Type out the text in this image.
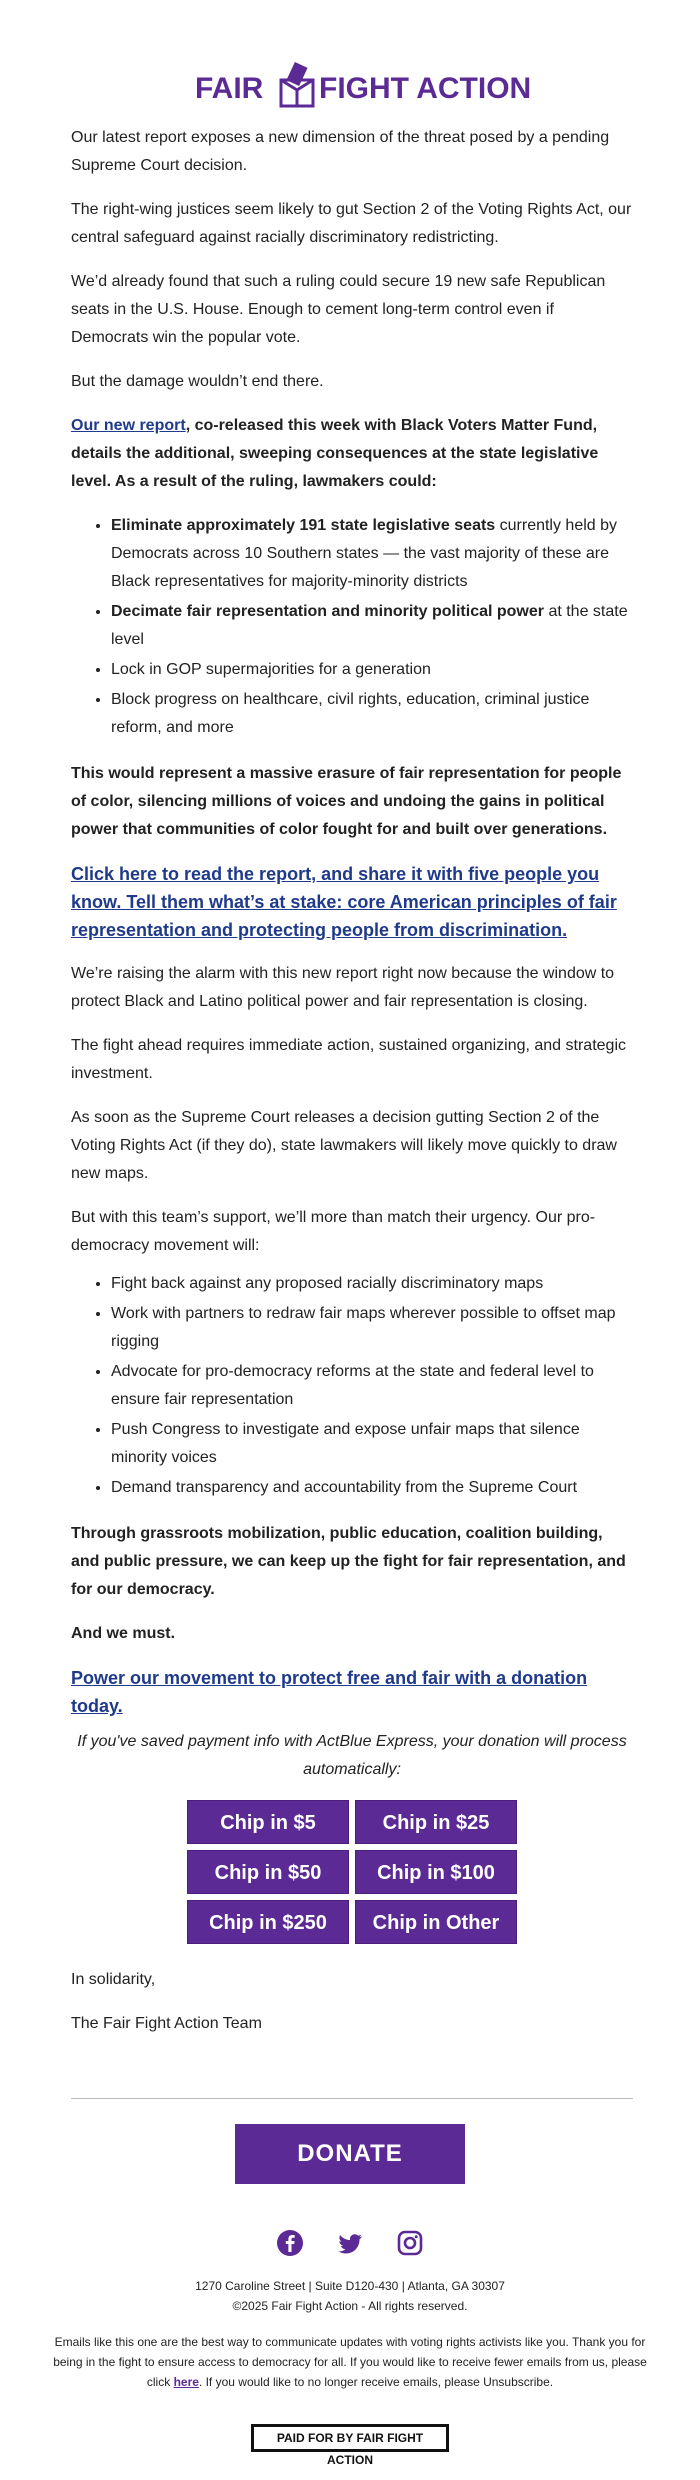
FAIR FIGHT ACTION

Our latest report exposes a new dimension of the threat posed by a pending Supreme Court decision.

The right-wing justices seem likely to gut Section 2 of the Voting Rights Act, our central safeguard against racially discriminatory redistricting.

We’d already found that such a ruling could secure 19 new safe Republican seats in the U.S. House. Enough to cement long-term control even if Democrats win the popular vote.

But the damage wouldn’t end there.

Our new report, co-released this week with Black Voters Matter Fund, details the additional, sweeping consequences at the state legislative level. As a result of the ruling, lawmakers could:

• Eliminate approximately 191 state legislative seats currently held by Democrats across 10 Southern states — the vast majority of these are Black representatives for majority-minority districts
• Decimate fair representation and minority political power at the state level
• Lock in GOP supermajorities for a generation
• Block progress on healthcare, civil rights, education, criminal justice reform, and more

This would represent a massive erasure of fair representation for people of color, silencing millions of voices and undoing the gains in political power that communities of color fought for and built over generations.

Click here to read the report, and share it with five people you know. Tell them what’s at stake: core American principles of fair representation and protecting people from discrimination.

We’re raising the alarm with this new report right now because the window to protect Black and Latino political power and fair representation is closing.

The fight ahead requires immediate action, sustained organizing, and strategic investment.

As soon as the Supreme Court releases a decision gutting Section 2 of the Voting Rights Act (if they do), state lawmakers will likely move quickly to draw new maps.

But with this team’s support, we’ll more than match their urgency. Our pro-democracy movement will:

• Fight back against any proposed racially discriminatory maps
• Work with partners to redraw fair maps wherever possible to offset map rigging
• Advocate for pro-democracy reforms at the state and federal level to ensure fair representation
• Push Congress to investigate and expose unfair maps that silence minority voices
• Demand transparency and accountability from the Supreme Court

Through grassroots mobilization, public education, coalition building, and public pressure, we can keep up the fight for fair representation, and for our democracy.

And we must.

Power our movement to protect free and fair with a donation today.

If you've saved payment info with ActBlue Express, your donation will process automatically:

Chip in $5	Chip in $25
Chip in $50	Chip in $100
Chip in $250	Chip in Other

In solidarity,

The Fair Fight Action Team

DONATE

1270 Caroline Street | Suite D120-430 | Atlanta, GA 30307
©2025 Fair Fight Action - All rights reserved.
Emails like this one are the best way to communicate updates with voting rights activists like you. Thank you for being in the fight to ensure access to democracy for all. If you would like to receive fewer emails from us, please click here. If you would like to no longer receive emails, please Unsubscribe.
PAID FOR BY FAIR FIGHT ACTION
